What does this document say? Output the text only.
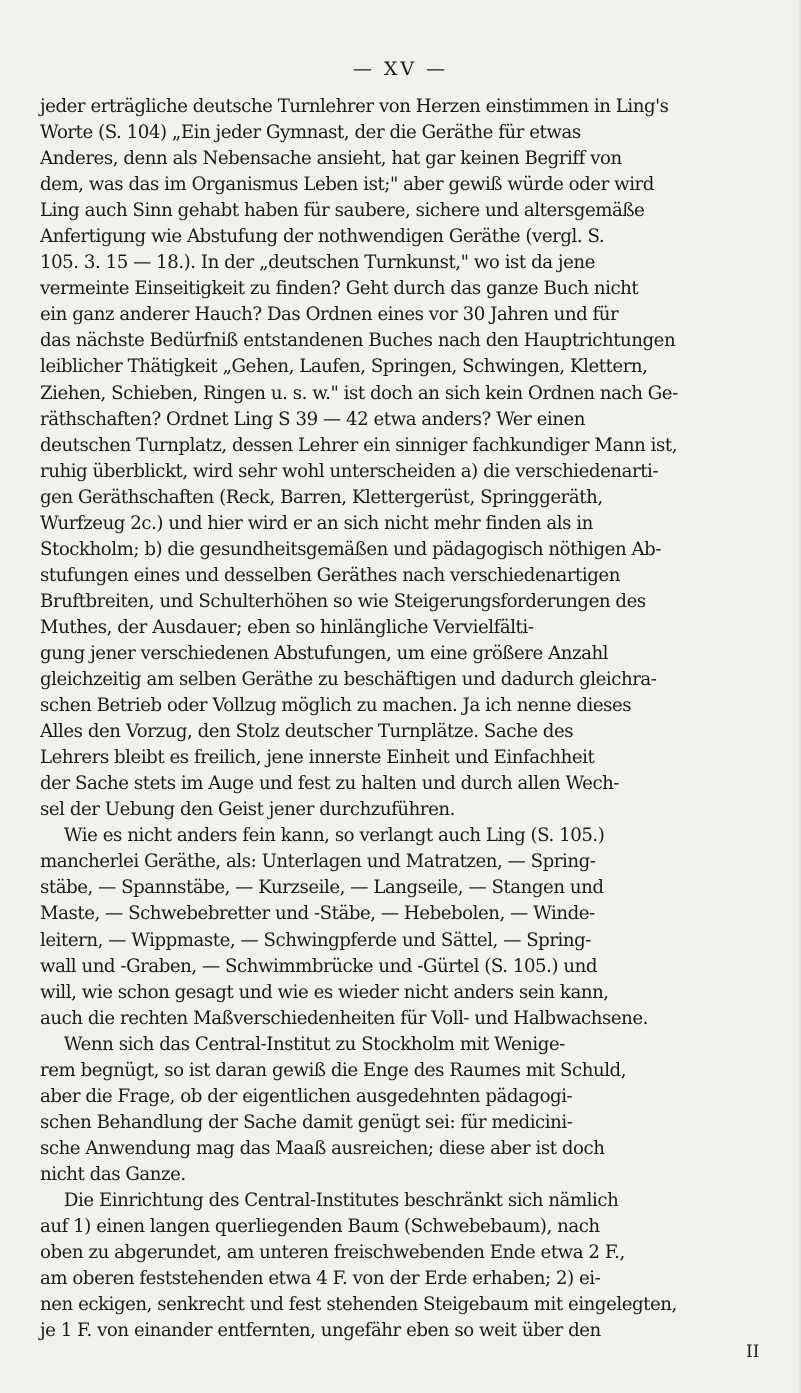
— XV —
jeder erträgliche deutsche Turnlehrer von Herzen einstimmen in Ling's
Worte (S. 104) „Ein jeder Gymnast, der die Geräthe für etwas
Anderes, denn als Nebensache ansieht, hat gar keinen Begriff von
dem, was das im Organismus Leben ist;" aber gewiß würde oder wird
Ling auch Sinn gehabt haben für saubere, sichere und altersgemäße
Anfertigung wie Abstufung der nothwendigen Geräthe (vergl. S.
105. 3. 15 — 18.). In der „deutschen Turnkunst," wo ist da jene
vermeinte Einseitigkeit zu finden? Geht durch das ganze Buch nicht
ein ganz anderer Hauch? Das Ordnen eines vor 30 Jahren und für
das nächste Bedürfniß entstandenen Buches nach den Hauptrichtungen
leiblicher Thätigkeit „Gehen, Laufen, Springen, Schwingen, Klettern,
Ziehen, Schieben, Ringen u. s. w." ist doch an sich kein Ordnen nach Ge-
räthschaften? Ordnet Ling S 39 — 42 etwa anders? Wer einen
deutschen Turnplatz, dessen Lehrer ein sinniger fachkundiger Mann ist,
ruhig überblickt, wird sehr wohl unterscheiden a) die verschiedenarti-
gen Geräthschaften (Reck, Barren, Klettergerüst, Springgeräth,
Wurfzeug 2c.) und hier wird er an sich nicht mehr finden als in
Stockholm; b) die gesundheitsgemäßen und pädagogisch nöthigen Ab-
stufungen eines und desselben Geräthes nach verschiedenartigen
Bruftbreiten, und Schulterhöhen so wie Steigerungsforderungen des
Muthes, der Ausdauer; eben so hinlängliche Vervielfälti-
gung jener verschiedenen Abstufungen, um eine größere Anzahl
gleichzeitig am selben Geräthe zu beschäftigen und dadurch gleichra-
schen Betrieb oder Vollzug möglich zu machen. Ja ich nenne dieses
Alles den Vorzug, den Stolz deutscher Turnplätze. Sache des
Lehrers bleibt es freilich, jene innerste Einheit und Einfachheit
der Sache stets im Auge und fest zu halten und durch allen Wech-
sel der Uebung den Geist jener durchzuführen.
Wie es nicht anders fein kann, so verlangt auch Ling (S. 105.)
mancherlei Geräthe, als: Unterlagen und Matratzen, — Spring-
stäbe, — Spannstäbe, — Kurzseile, — Langseile, — Stangen und
Maste, — Schwebebretter und -Stäbe, — Hebebolen, — Winde-
leitern, — Wippmaste, — Schwingpferde und Sättel, — Spring-
wall und -Graben, — Schwimmbrücke und -Gürtel (S. 105.) und
will, wie schon gesagt und wie es wieder nicht anders sein kann,
auch die rechten Maßverschiedenheiten für Voll- und Halbwachsene.
Wenn sich das Central-Institut zu Stockholm mit Wenige-
rem begnügt, so ist daran gewiß die Enge des Raumes mit Schuld,
aber die Frage, ob der eigentlichen ausgedehnten pädagogi-
schen Behandlung der Sache damit genügt sei: für medicini-
sche Anwendung mag das Maaß ausreichen; diese aber ist doch
nicht das Ganze.
Die Einrichtung des Central-Institutes beschränkt sich nämlich
auf 1) einen langen querliegenden Baum (Schwebebaum), nach
oben zu abgerundet, am unteren freischwebenden Ende etwa 2 F.,
am oberen feststehenden etwa 4 F. von der Erde erhaben; 2) ei-
nen eckigen, senkrecht und fest stehenden Steigebaum mit eingelegten,
je 1 F. von einander entfernten, ungefähr eben so weit über den
II
